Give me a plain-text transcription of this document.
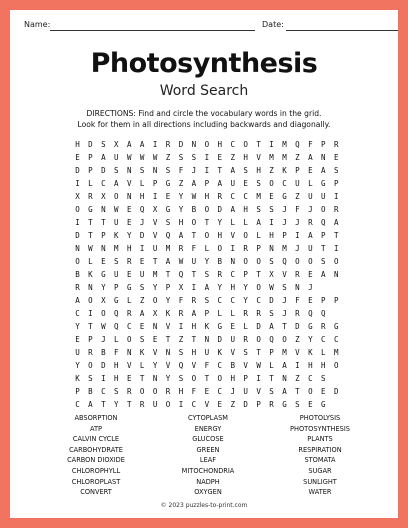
Name:	Date:
Photosynthesis
Word Search
DIRECTIONS: Find and circle the vocabulary words in the grid.
Look for them in all directions including backwards and diagonally.
H	D	S	X	A	A	I	R	D	N	O	H	C	O	T	I	M	Q	F	P	R
E	P	A	U	W	W	W	Z	S	S	I	E	Z	H	V	M	M	Z	A	N	E
D	P	D	S	N	S	N	S	F	J	I	T	A	S	H	Z	K	P	E	A	S
I	L	C	A	V	L	P	G	Z	A	P	A	U	E	S	O	C	U	L	G	P
X	R	X	O	N	H	I	E	Y	W	H	R	C	C	M	E	G	Z	U	U	I
O	G	N	W	E	Q	X	G	Y	B	O	D	A	H	S	S	J	F	J	O	R
I	T	T	U	E	J	V	S	H	O	T	Y	L	L	A	I	J	J	R	Q	A
D	T	P	K	Y	D	V	Q	A	T	O	H	V	O	L	H	P	I	A	P	T
N	W	N	M	H	I	U	M	R	F	L	O	I	R	P	N	M	J	U	T	I
O	L	E	S	R	E	T	A	W	U	Y	B	N	O	O	S	Q	O	O	S	O
B	K	G	U	E	U	M	T	Q	T	S	R	C	P	T	X	V	R	E	A	N
R	N	Y	P	G	S	Y	P	X	I	A	Y	H	Y	O	W	S	N	J
A	O	X	G	L	Z	O	Y	F	R	S	C	C	Y	C	D	J	F	E	P	P
C	I	O	Q	R	A	X	K	R	A	P	L	L	R	R	S	J	R	Q	Q
Y	T	W	Q	C	E	N	V	I	H	K	G	E	L	D	A	T	D	G	R	G
E	P	J	L	O	S	E	T	Z	T	N	D	U	R	O	Q	O	Z	Y	C	C
U	R	B	F	N	K	V	N	S	H	U	K	V	S	T	P	M	V	K	L	M
Y	O	D	H	V	L	Y	V	Q	V	F	C	B	V	W	L	A	I	H	H	O
K	S	I	H	E	T	N	Y	S	O	T	O	H	P	I	T	N	Z	C	S
P	B	C	S	R	O	O	R	H	F	E	C	J	U	V	S	A	T	O	E	D
C	A	T	Y	T	R	U	O	I	C	V	E	Z	D	P	R	G	S	E	G
ABSORPTION
ATP
CALVIN CYCLE
CARBOHYDRATE
CARBON DIOXIDE
CHLOROPHYLL
CHLOROPLAST
CONVERT
CYTOPLASM
ENERGY
GLUCOSE
GREEN
LEAF
MITOCHONDRIA
NADPH
OXYGEN
PHOTOLYSIS
PHOTOSYNTHESIS
PLANTS
RESPIRATION
STOMATA
SUGAR
SUNLIGHT
WATER
© 2023 puzzles-to-print.com
